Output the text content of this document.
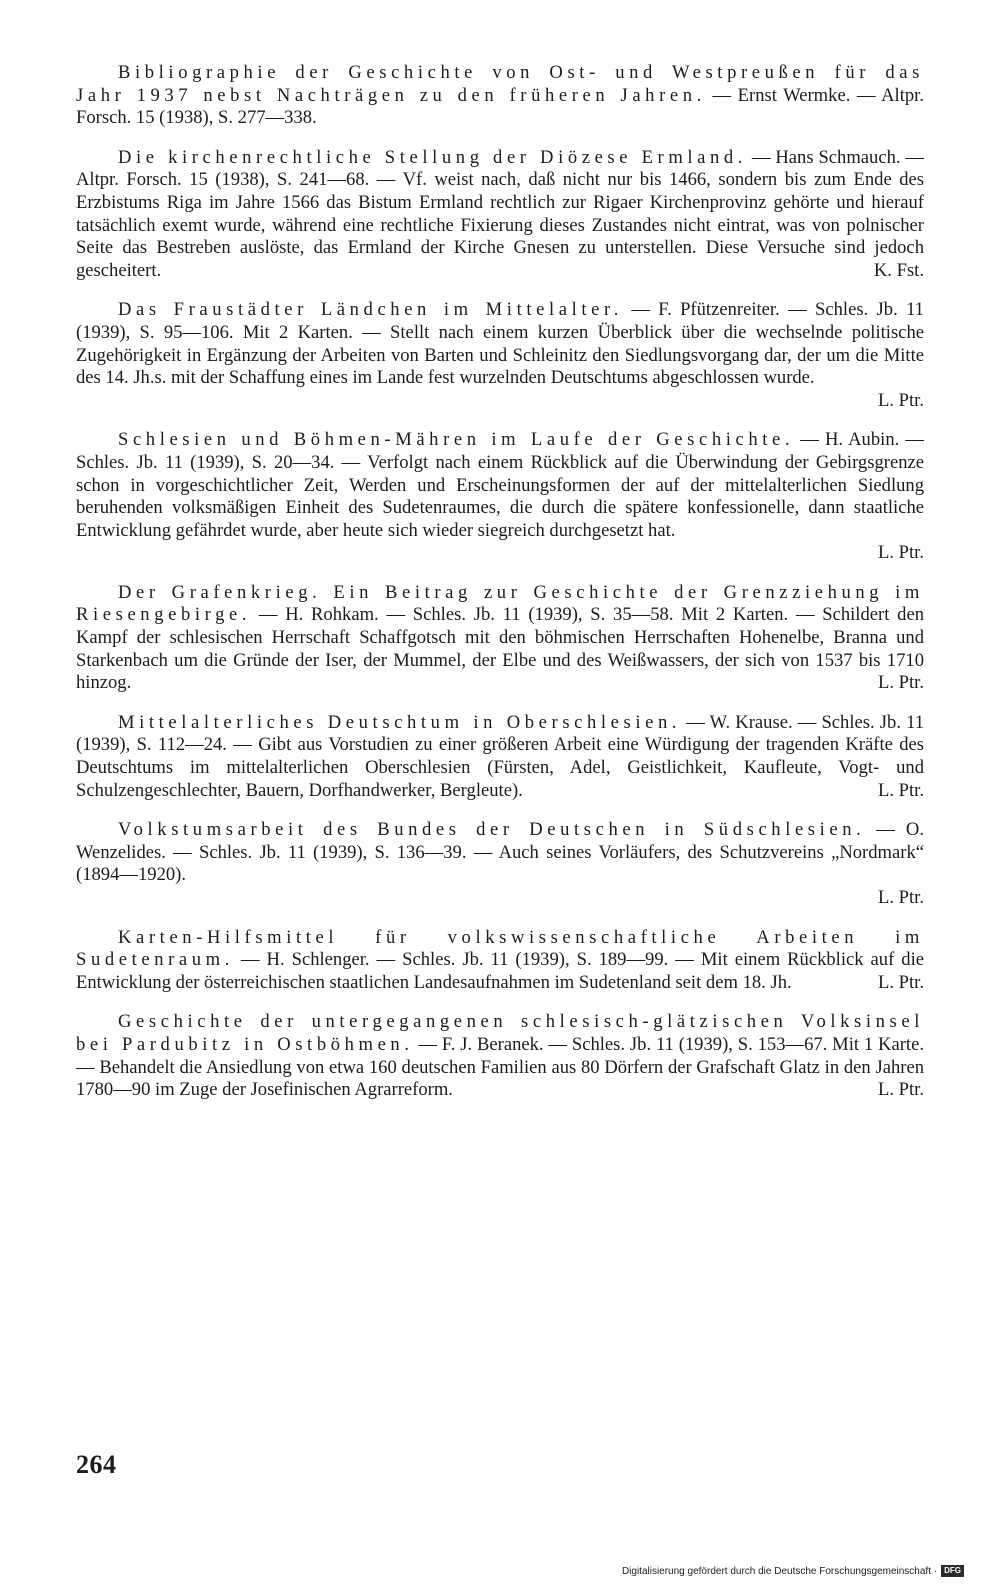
Bibliographie der Geschichte von Ost- und Westpreußen für das Jahr 1937 nebst Nachträgen zu den früheren Jahren. — Ernst Wermke. — Altpr. Forsch. 15 (1938), S. 277—338.

Die kirchenrechtliche Stellung der Diözese Ermland. — Hans Schmauch. — Altpr. Forsch. 15 (1938), S. 241—68. — Vf. weist nach, daß nicht nur bis 1466, sondern bis zum Ende des Erzbistums Riga im Jahre 1566 das Bistum Ermland rechtlich zur Rigaer Kirchenprovinz gehörte und hierauf tatsächlich exemt wurde, während eine rechtliche Fixierung dieses Zustandes nicht eintrat, was von polnischer Seite das Bestreben auslöste, das Ermland der Kirche Gnesen zu unterstellen. Diese Versuche sind jedoch gescheitert.	K. Fst.

Das Fraustädter Ländchen im Mittelalter. — F. Pfützenreiter. — Schles. Jb. 11 (1939), S. 95—106. Mit 2 Karten. — Stellt nach einem kurzen Überblick über die wechselnde politische Zugehörigkeit in Ergänzung der Arbeiten von Barten und Schleinitz den Siedlungsvorgang dar, der um die Mitte des 14. Jh.s. mit der Schaffung eines im Lande fest wurzelnden Deutschtums abgeschlossen wurde.

L. Ptr.

Schlesien und Böhmen-Mähren im Laufe der Geschichte. — H. Aubin. — Schles. Jb. 11 (1939), S. 20—34. — Verfolgt nach einem Rückblick auf die Überwindung der Gebirgsgrenze schon in vorgeschichtlicher Zeit, Werden und Erscheinungsformen der auf der mittelalterlichen Siedlung beruhenden volksmäßigen Einheit des Sudetenraumes, die durch die spätere konfessionelle, dann staatliche Entwicklung gefährdet wurde, aber heute sich wieder siegreich durchgesetzt hat.

L. Ptr.

Der Grafenkrieg. Ein Beitrag zur Geschichte der Grenzziehung im Riesengebirge. — H. Rohkam. — Schles. Jb. 11 (1939), S. 35—58. Mit 2 Karten. — Schildert den Kampf der schlesischen Herrschaft Schaffgotsch mit den böhmischen Herrschaften Hohenelbe, Branna und Starkenbach um die Gründe der Iser, der Mummel, der Elbe und des Weißwassers, der sich von 1537 bis 1710 hinzog.	L. Ptr.

Mittelalterliches Deutschtum in Oberschlesien. — W. Krause. — Schles. Jb. 11 (1939), S. 112—24. — Gibt aus Vorstudien zu einer größeren Arbeit eine Würdigung der tragenden Kräfte des Deutschtums im mittelalterlichen Oberschlesien (Fürsten, Adel, Geistlichkeit, Kaufleute, Vogt- und Schulzengeschlechter, Bauern, Dorfhandwerker, Bergleute).	L. Ptr.

Volkstumsarbeit des Bundes der Deutschen in Südschlesien. — O. Wenzelides. — Schles. Jb. 11 (1939), S. 136—39. — Auch seines Vorläufers, des Schutzvereins „Nordmark“ (1894—1920).

L. Ptr.

Karten-Hilfsmittel für volkswissenschaftliche Arbeiten im Sudetenraum. — H. Schlenger. — Schles. Jb. 11 (1939), S. 189—99. — Mit einem Rückblick auf die Entwicklung der österreichischen staatlichen Landesaufnahmen im Sudetenland seit dem 18. Jh.	L. Ptr.

Geschichte der untergegangenen schlesisch-glätzischen Volksinsel bei Pardubitz in Ostböhmen. — F. J. Beranek. — Schles. Jb. 11 (1939), S. 153—67. Mit 1 Karte. — Behandelt die Ansiedlung von etwa 160 deutschen Familien aus 80 Dörfern der Grafschaft Glatz in den Jahren 1780—90 im Zuge der Josefinischen Agrarreform.	L. Ptr.

264
Digitalisierung gefördert durch die Deutsche Forschungsgemeinschaft · DFG
